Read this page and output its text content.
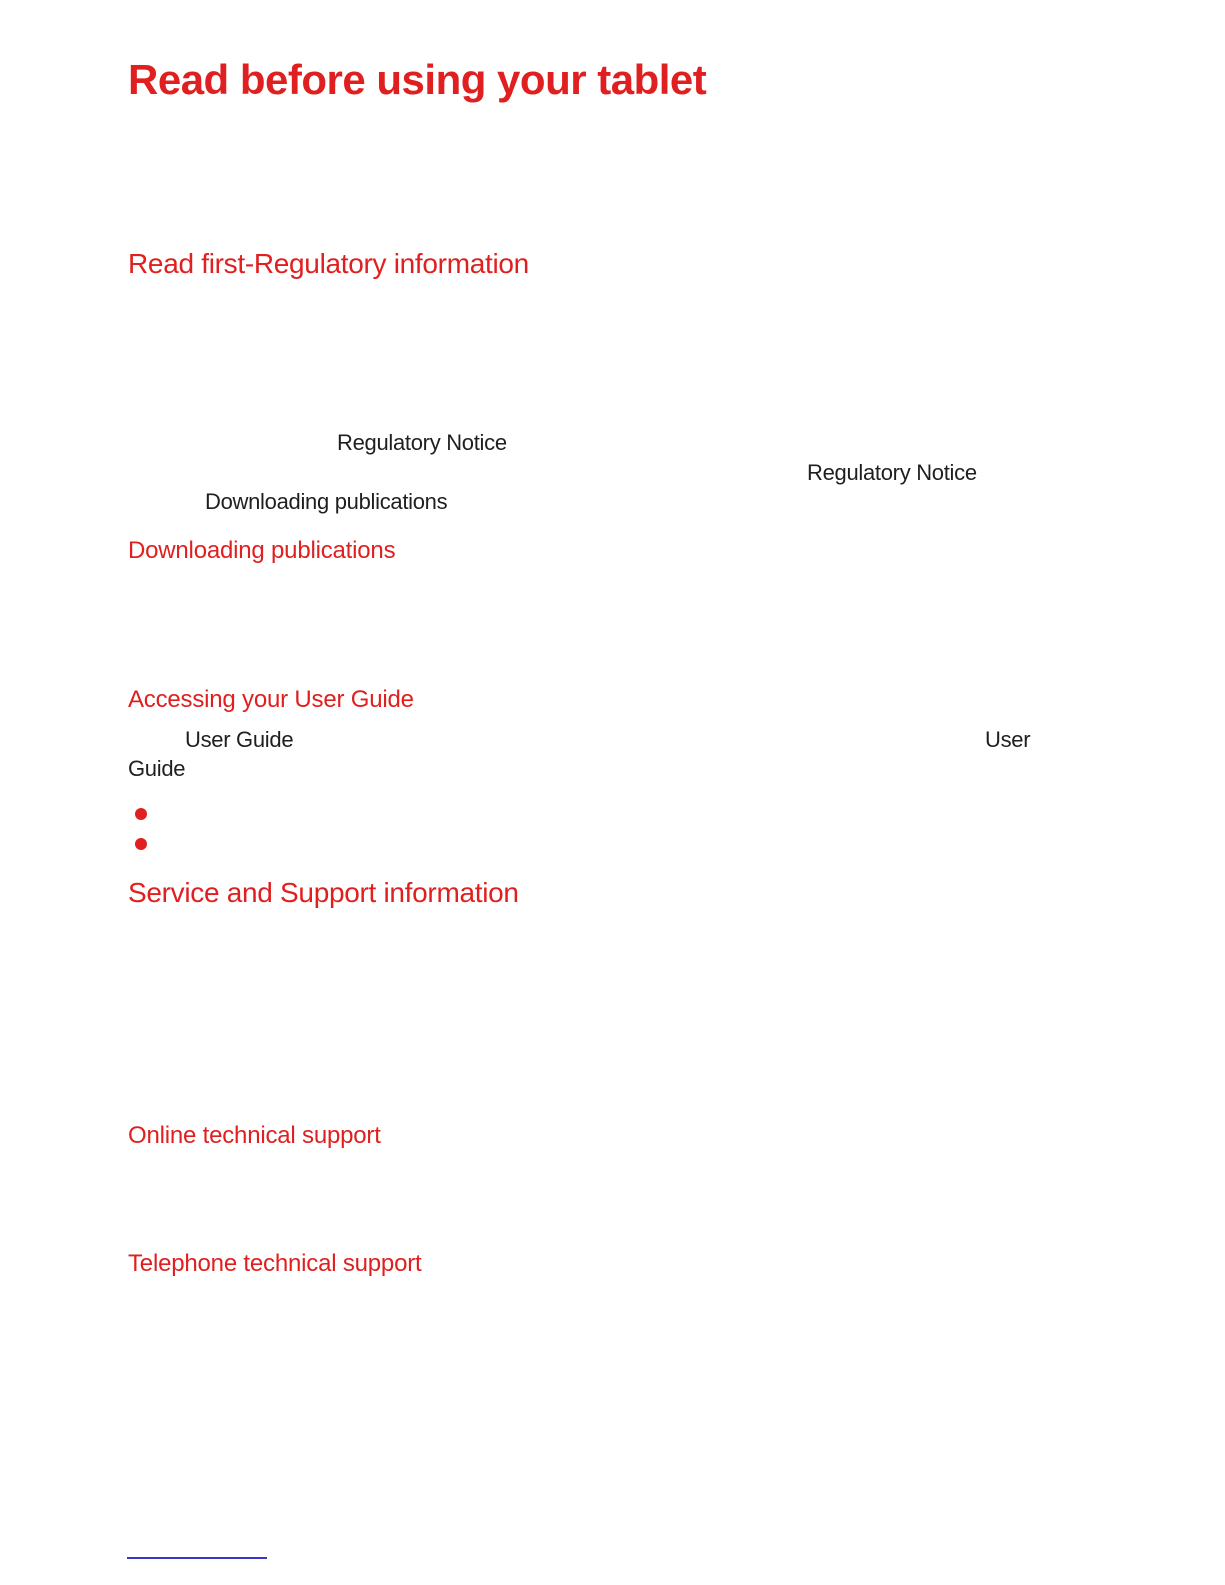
Read before using your tablet
Read first-Regulatory information
Regulatory Notice
Regulatory Notice
Downloading publications
Downloading publications
Accessing your User Guide
User Guide	User
Guide
Service and Support information
Online technical support
Telephone technical support
